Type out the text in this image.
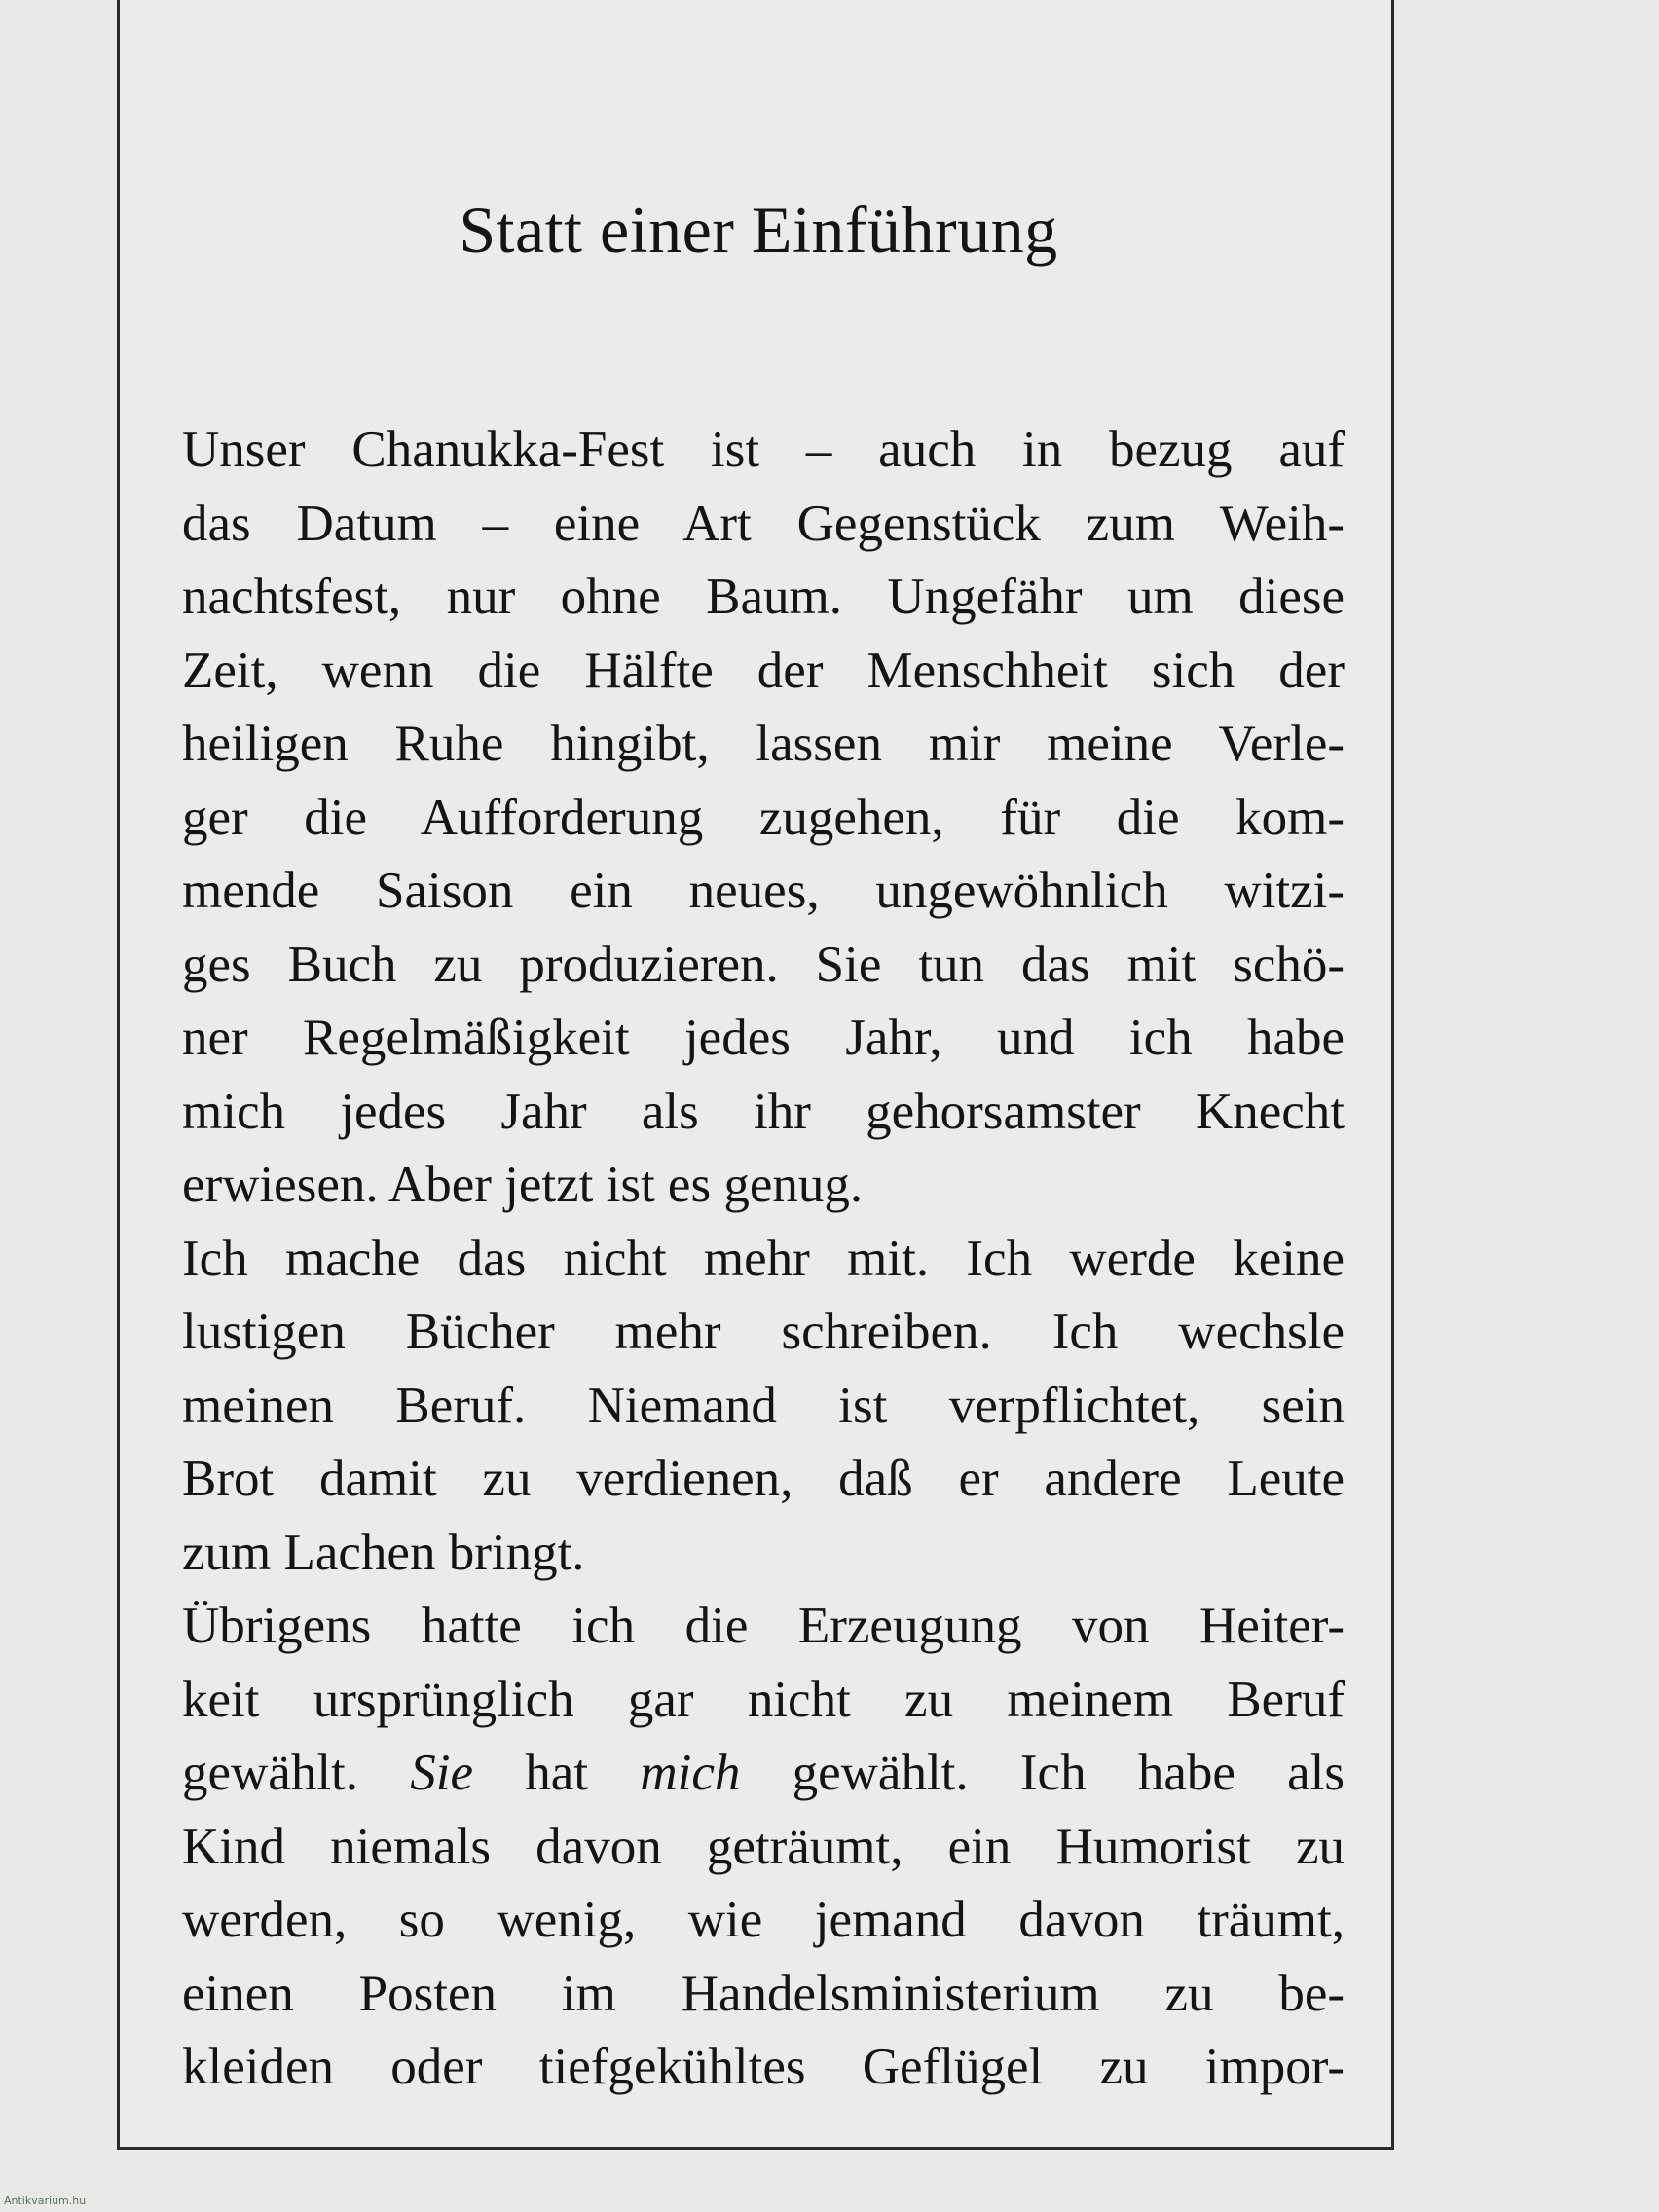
Statt einer Einführung
Unser Chanukka-Fest ist – auch in bezug auf
das Datum – eine Art Gegenstück zum Weih-
nachtsfest, nur ohne Baum. Ungefähr um diese
Zeit, wenn die Hälfte der Menschheit sich der
heiligen Ruhe hingibt, lassen mir meine Verle-
ger die Aufforderung zugehen, für die kom-
mende Saison ein neues, ungewöhnlich witzi-
ges Buch zu produzieren. Sie tun das mit schö-
ner Regelmäßigkeit jedes Jahr, und ich habe
mich jedes Jahr als ihr gehorsamster Knecht
erwiesen. Aber jetzt ist es genug.
Ich mache das nicht mehr mit. Ich werde keine
lustigen Bücher mehr schreiben. Ich wechsle
meinen Beruf. Niemand ist verpflichtet, sein
Brot damit zu verdienen, daß er andere Leute
zum Lachen bringt.
Übrigens hatte ich die Erzeugung von Heiter-
keit ursprünglich gar nicht zu meinem Beruf
gewählt. Sie hat mich gewählt. Ich habe als
Kind niemals davon geträumt, ein Humorist zu
werden, so wenig, wie jemand davon träumt,
einen Posten im Handelsministerium zu be-
kleiden oder tiefgekühltes Geflügel zu impor-
Antikvarium.hu
